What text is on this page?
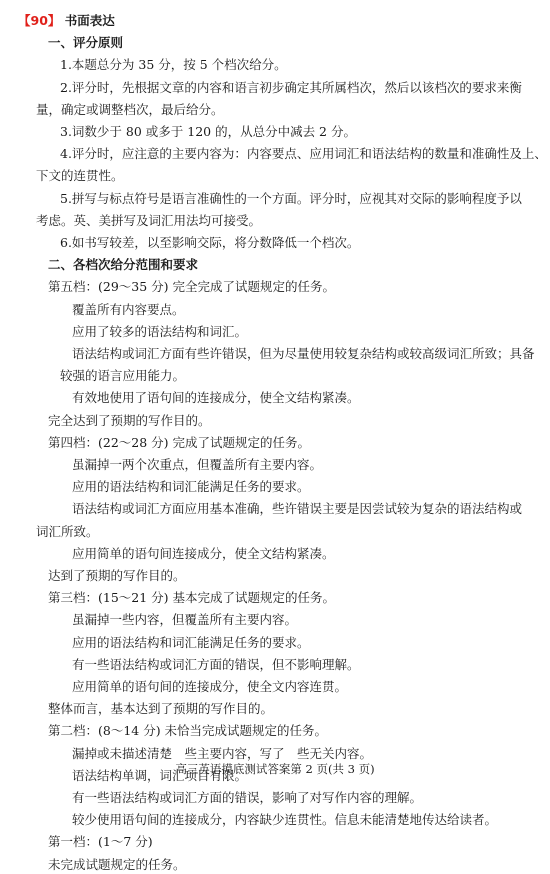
【90】 书面表达
一、评分原则
1.本题总分为 35 分，按 5 个档次给分。
2.评分时，先根据文章的内容和语言初步确定其所属档次，然后以该档次的要求来衡
量，确定或调整档次，最后给分。
3.词数少于 80 或多于 120 的，从总分中减去 2 分。
4.评分时，应注意的主要内容为：内容要点、应用词汇和语法结构的数量和准确性及上、
下文的连贯性。
5.拼写与标点符号是语言准确性的一个方面。评分时，应视其对交际的影响程度予以
考虑。英、美拼写及词汇用法均可接受。
6.如书写较差，以至影响交际，将分数降低一个档次。
二、各档次给分范围和要求
第五档：(29～35 分) 完全完成了试题规定的任务。
覆盖所有内容要点。
应用了较多的语法结构和词汇。
语法结构或词汇方面有些许错误，但为尽量使用较复杂结构或较高级词汇所致；具备
较强的语言应用能力。
有效地使用了语句间的连接成分，使全文结构紧凑。
完全达到了预期的写作目的。
第四档：(22～28 分) 完成了试题规定的任务。
虽漏掉一两个次重点，但覆盖所有主要内容。
应用的语法结构和词汇能满足任务的要求。
语法结构或词汇方面应用基本准确，些许错误主要是因尝试较为复杂的语法结构或
词汇所致。
应用简单的语句间连接成分，使全文结构紧凑。
达到了预期的写作目的。
第三档：(15～21 分) 基本完成了试题规定的任务。
虽漏掉一些内容，但覆盖所有主要内容。
应用的语法结构和词汇能满足任务的要求。
有一些语法结构或词汇方面的错误，但不影响理解。
应用简单的语句间的连接成分，使全文内容连贯。
整体而言，基本达到了预期的写作目的。
第二档：(8～14 分) 未恰当完成试题规定的任务。
漏掉或未描述清楚　些主要内容，写了　些无关内容。
语法结构单调，词汇项目有限。
有一些语法结构或词汇方面的错误，影响了对写作内容的理解。
较少使用语句间的连接成分，内容缺少连贯性。信息未能清楚地传达给读者。
第一档：(1～7 分)
未完成试题规定的任务。
高三英语摸底测试答案第 2 页(共 3 页)
